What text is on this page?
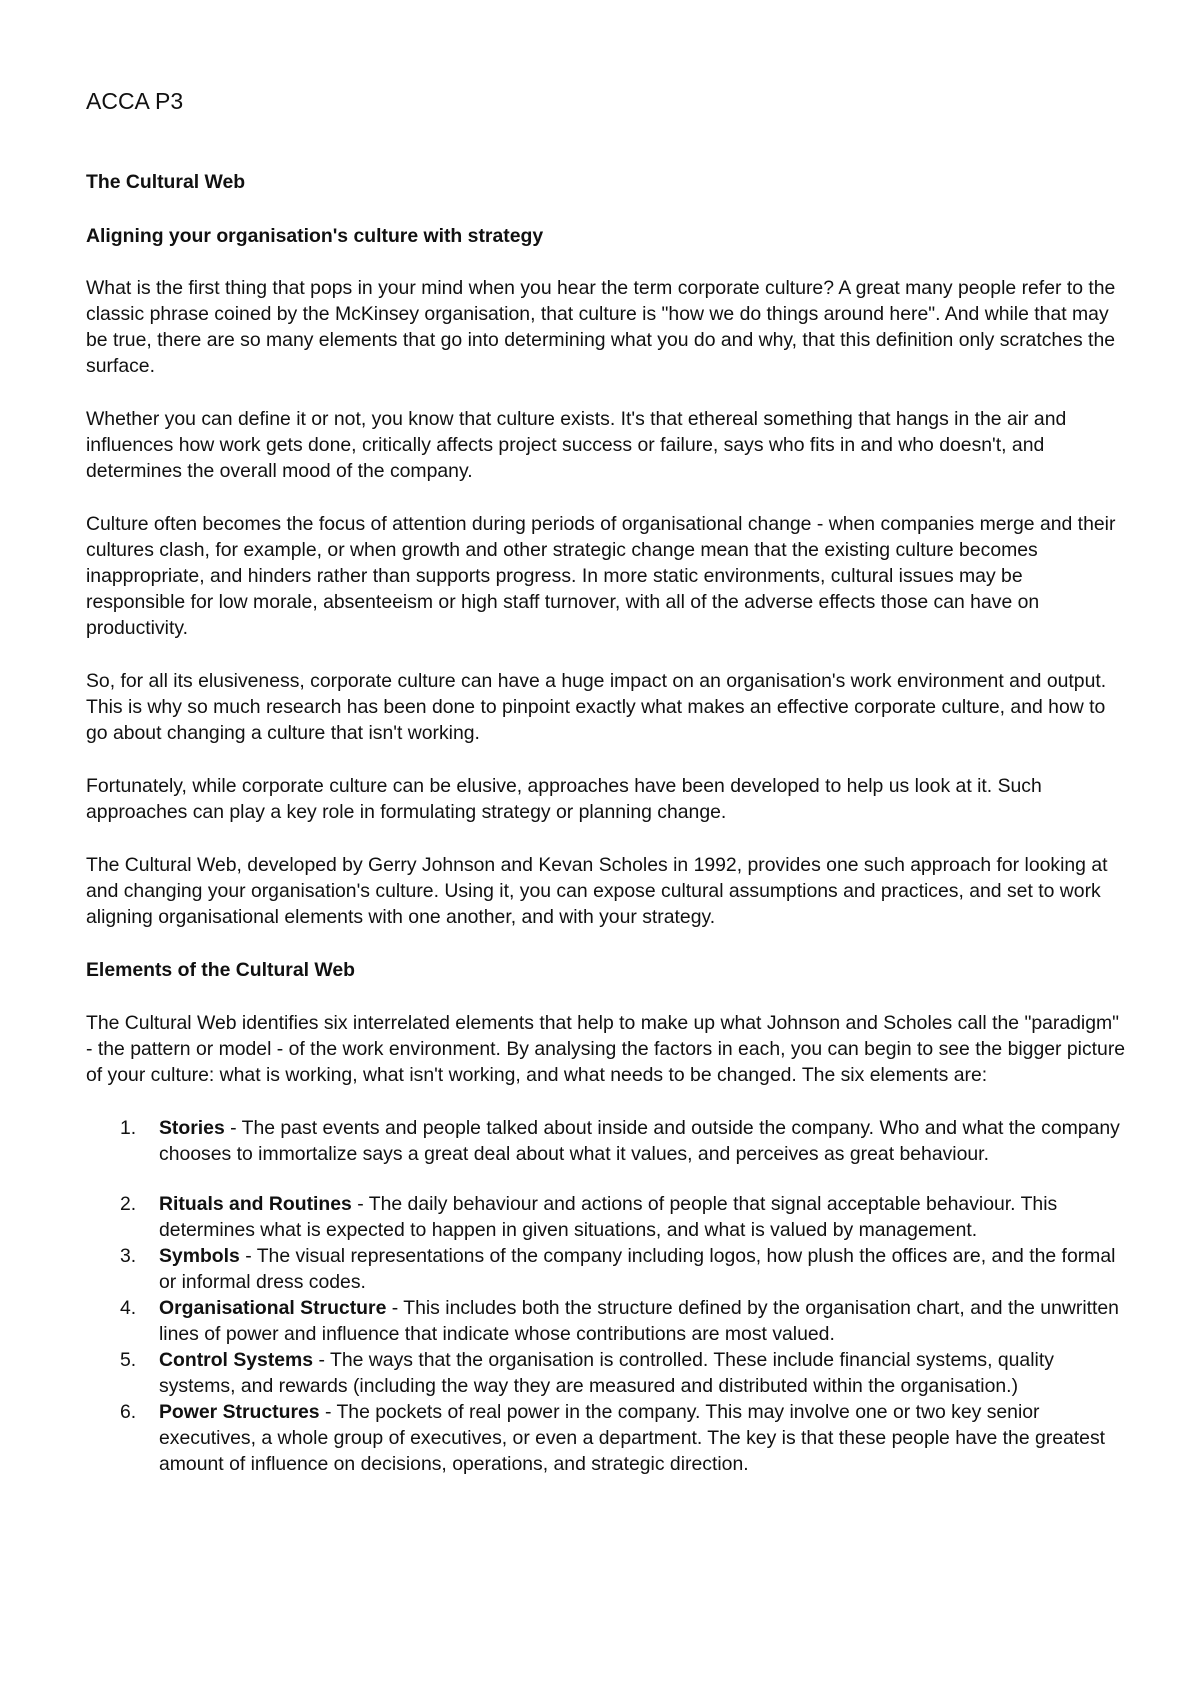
ACCA P3
The Cultural Web
Aligning your organisation's culture with strategy

What is the first thing that pops in your mind when you hear the term corporate culture? A great many people refer to the classic phrase coined by the McKinsey organisation, that culture is "how we do things around here". And while that may be true, there are so many elements that go into determining what you do and why, that this definition only scratches the surface.

Whether you can define it or not, you know that culture exists. It's that ethereal something that hangs in the air and influences how work gets done, critically affects project success or failure, says who fits in and who doesn't, and determines the overall mood of the company.

Culture often becomes the focus of attention during periods of organisational change - when companies merge and their cultures clash, for example, or when growth and other strategic change mean that the existing culture becomes inappropriate, and hinders rather than supports progress. In more static environments, cultural issues may be responsible for low morale, absenteeism or high staff turnover, with all of the adverse effects those can have on productivity.

So, for all its elusiveness, corporate culture can have a huge impact on an organisation's work environment and output. This is why so much research has been done to pinpoint exactly what makes an effective corporate culture, and how to go about changing a culture that isn't working.

Fortunately, while corporate culture can be elusive, approaches have been developed to help us look at it. Such approaches can play a key role in formulating strategy or planning change.

The Cultural Web, developed by Gerry Johnson and Kevan Scholes in 1992, provides one such approach for looking at and changing your organisation's culture. Using it, you can expose cultural assumptions and practices, and set to work aligning organisational elements with one another, and with your strategy.

Elements of the Cultural Web

The Cultural Web identifies six interrelated elements that help to make up what Johnson and Scholes call the "paradigm" - the pattern or model - of the work environment. By analysing the factors in each, you can begin to see the bigger picture of your culture: what is working, what isn't working, and what needs to be changed. The six elements are:

1. Stories - The past events and people talked about inside and outside the company. Who and what the company chooses to immortalize says a great deal about what it values, and perceives as great behaviour.
2. Rituals and Routines - The daily behaviour and actions of people that signal acceptable behaviour. This determines what is expected to happen in given situations, and what is valued by management.
3. Symbols - The visual representations of the company including logos, how plush the offices are, and the formal or informal dress codes.
4. Organisational Structure - This includes both the structure defined by the organisation chart, and the unwritten lines of power and influence that indicate whose contributions are most valued.
5. Control Systems - The ways that the organisation is controlled. These include financial systems, quality systems, and rewards (including the way they are measured and distributed within the organisation.)
6. Power Structures - The pockets of real power in the company. This may involve one or two key senior executives, a whole group of executives, or even a department. The key is that these people have the greatest amount of influence on decisions, operations, and strategic direction.
